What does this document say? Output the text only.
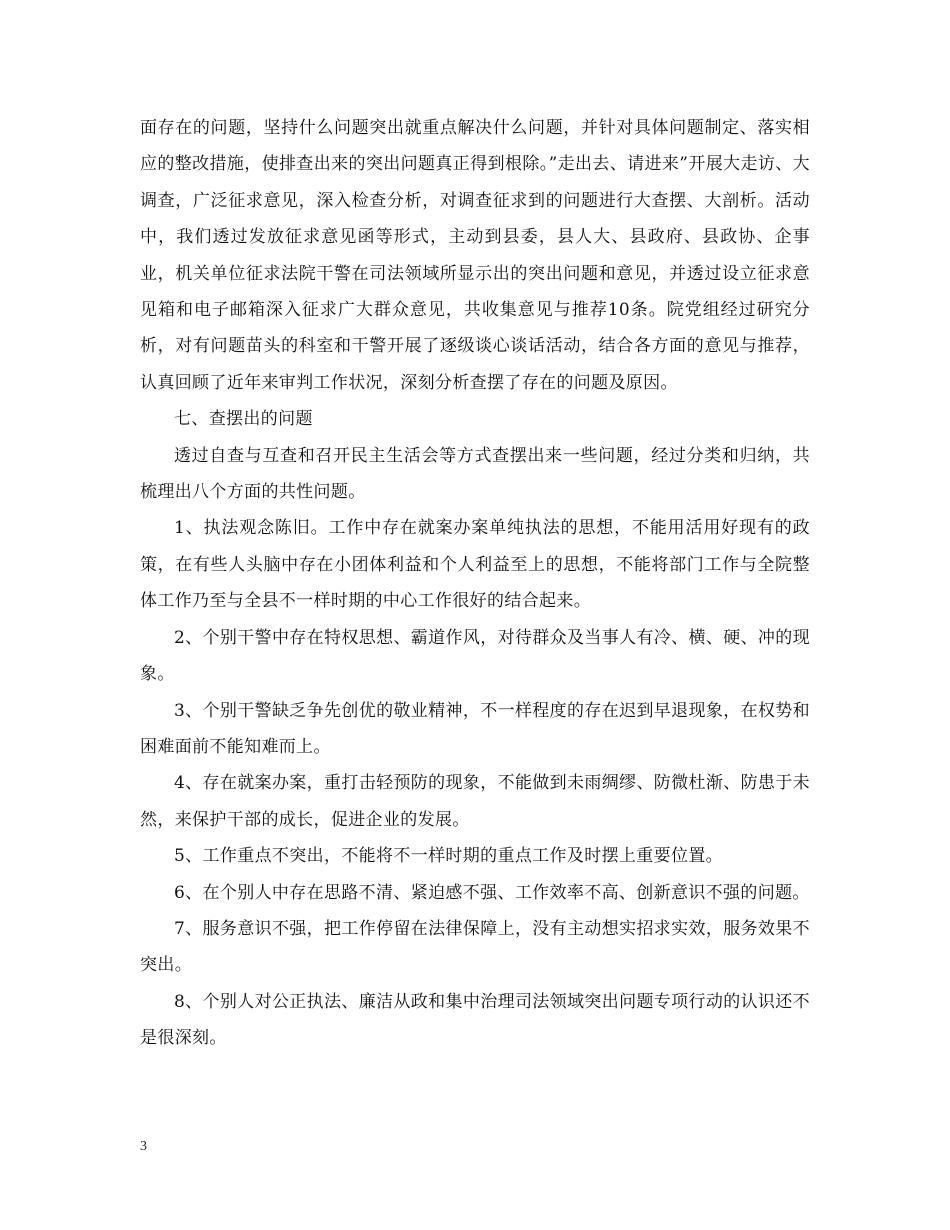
面存在的问题，坚持什么问题突出就重点解决什么问题，并针对具体问题制定、落实相应的整改措施，使排查出来的突出问题真正得到根除。”走出去、请进来”开展大走访、大调查，广泛征求意见，深入检查分析，对调查征求到的问题进行大查摆、大剖析。活动中，我们透过发放征求意见函等形式，主动到县委，县人大、县政府、县政协、企事业，机关单位征求法院干警在司法领域所显示出的突出问题和意见，并透过设立征求意见箱和电子邮箱深入征求广大群众意见，共收集意见与推荐10条。院党组经过研究分析，对有问题苗头的科室和干警开展了逐级谈心谈话活动，结合各方面的意见与推荐，认真回顾了近年来审判工作状况，深刻分析查摆了存在的问题及原因。

七、查摆出的问题

透过自查与互查和召开民主生活会等方式查摆出来一些问题，经过分类和归纳，共梳理出八个方面的共性问题。

1、执法观念陈旧。工作中存在就案办案单纯执法的思想，不能用活用好现有的政策，在有些人头脑中存在小团体利益和个人利益至上的思想，不能将部门工作与全院整体工作乃至与全县不一样时期的中心工作很好的结合起来。

2、个别干警中存在特权思想、霸道作风，对待群众及当事人有冷、横、硬、冲的现象。

3、个别干警缺乏争先创优的敬业精神，不一样程度的存在迟到早退现象，在权势和困难面前不能知难而上。

4、存在就案办案，重打击轻预防的现象，不能做到未雨绸缪、防微杜渐、防患于未然，来保护干部的成长，促进企业的发展。

5、工作重点不突出，不能将不一样时期的重点工作及时摆上重要位置。

6、在个别人中存在思路不清、紧迫感不强、工作效率不高、创新意识不强的问题。

7、服务意识不强，把工作停留在法律保障上，没有主动想实招求实效，服务效果不突出。

8、个别人对公正执法、廉洁从政和集中治理司法领域突出问题专项行动的认识还不是很深刻。

3
